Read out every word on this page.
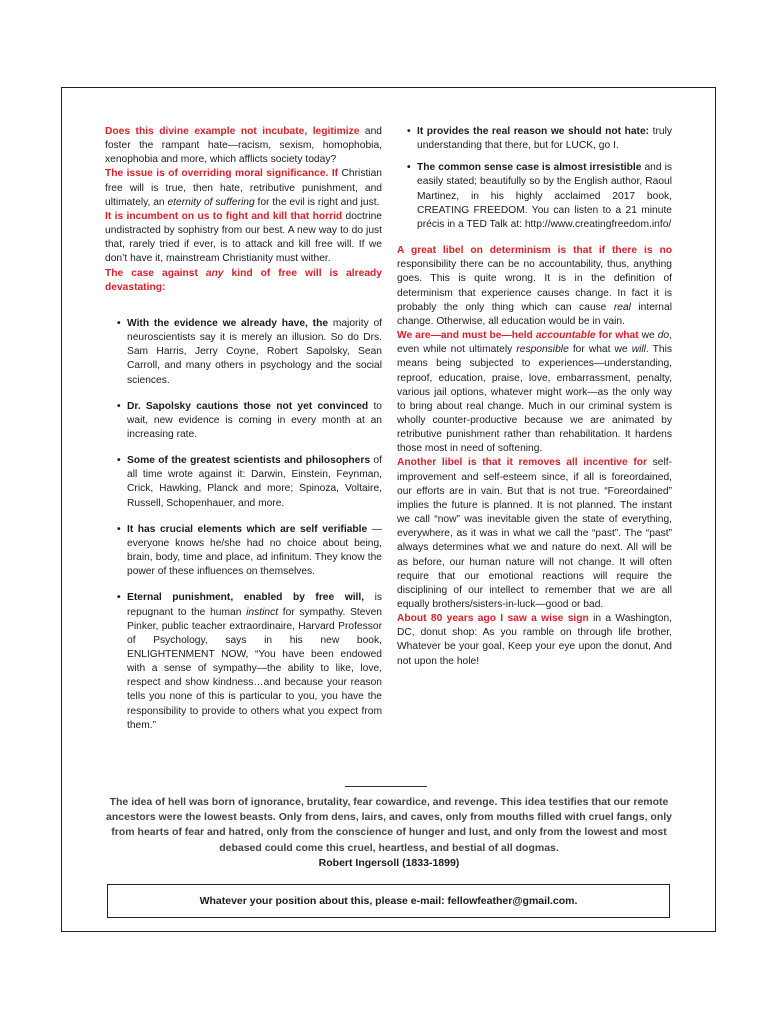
Does this divine example not incubate, legitimize and foster the rampant hate—racism, sexism, homophobia, xenophobia and more, which afflicts society today?

The issue is of overriding moral significance. If Christian free will is true, then hate, retributive punishment, and ultimately, an eternity of suffering for the evil is right and just.

It is incumbent on us to fight and kill that horrid doctrine undistracted by sophistry from our best. A new way to do just that, rarely tried if ever, is to attack and kill free will. If we don’t have it, mainstream Christianity must wither.

The case against any kind of free will is already devastating:

• With the evidence we already have, the majority of neuroscientists say it is merely an illusion. So do Drs. Sam Harris, Jerry Coyne, Robert Sapolsky, Sean Carroll, and many others in psychology and the social sciences.
• Dr. Sapolsky cautions those not yet convinced to wait, new evidence is coming in every month at an increasing rate.
• Some of the greatest scientists and philosophers of all time wrote against it: Darwin, Einstein, Feynman, Crick, Hawking, Planck and more; Spinoza, Voltaire, Russell, Schopenhauer, and more.
• It has crucial elements which are self verifiable —everyone knows he/she had no choice about being, brain, body, time and place, ad infinitum. They know the power of these influences on themselves.
• Eternal punishment, enabled by free will, is repugnant to the human instinct for sympathy. Steven Pinker, public teacher extraordinaire, Harvard Professor of Psychology, says in his new book, ENLIGHTENMENT NOW, “You have been endowed with a sense of sympathy—the ability to like, love, respect and show kindness…and because your reason tells you none of this is particular to you, you have the responsibility to provide to others what you expect from them.”
• It provides the real reason we should not hate: truly understanding that there, but for LUCK, go I.
• The common sense case is almost irresistible and is easily stated; beautifully so by the English author, Raoul Martinez, in his highly acclaimed 2017 book, CREATING FREEDOM. You can listen to a 21 minute précis in a TED Talk at: http://www.creatingfreedom.info/

A great libel on determinism is that if there is no responsibility there can be no accountability, thus, anything goes. This is quite wrong. It is in the definition of determinism that experience causes change. In fact it is probably the only thing which can cause real internal change. Otherwise, all education would be in vain.

We are—and must be—held accountable for what we do, even while not ultimately responsible for what we will. This means being subjected to experiences—understanding, reproof, education, praise, love, embarrassment, penalty, various jail options, whatever might work—as the only way to bring about real change. Much in our criminal system is wholly counter-productive because we are animated by retributive punishment rather than rehabilitation. It hardens those most in need of softening.

Another libel is that it removes all incentive for self-improvement and self-esteem since, if all is foreordained, our efforts are in vain. But that is not true. “Foreordained” implies the future is planned. It is not planned. The instant we call “now” was inevitable given the state of everything, everywhere, as it was in what we call the “past”. The “past” always determines what we and nature do next. All will be as before, our human nature will not change. It will often require that our emotional reactions will require the disciplining of our intellect to remember that we are all equally brothers/sisters-in-luck—good or bad.

About 80 years ago I saw a wise sign in a Washington, DC, donut shop: As you ramble on through life brother, Whatever be your goal, Keep your eye upon the donut, And not upon the hole!

The idea of hell was born of ignorance, brutality, fear cowardice, and revenge. This idea testifies that our remote ancestors were the lowest beasts. Only from dens, lairs, and caves, only from mouths filled with cruel fangs, only from hearts of fear and hatred, only from the conscience of hunger and lust, and only from the lowest and most debased could come this cruel, heartless, and bestial of all dogmas.
Robert Ingersoll (1833-1899)
Whatever your position about this, please e-mail: fellowfeather@gmail.com.
